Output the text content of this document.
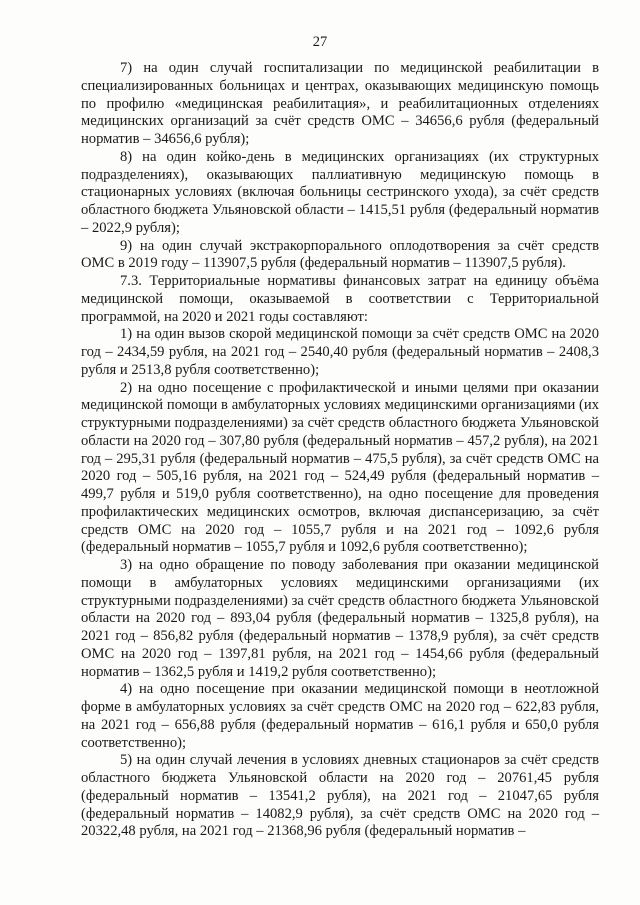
27

7) на один случай госпитализации по медицинской реабилитации в специализированных больницах и центрах, оказывающих медицинскую помощь по профилю «медицинская реабилитация», и реабилитационных отделениях медицинских организаций за счёт средств ОМС – 34656,6 рубля (федеральный норматив – 34656,6 рубля);

8) на один койко-день в медицинских организациях (их структурных подразделениях), оказывающих паллиативную медицинскую помощь в стационарных условиях (включая больницы сестринского ухода), за счёт средств областного бюджета Ульяновской области – 1415,51 рубля (федеральный норматив – 2022,9 рубля);

9) на один случай экстракорпорального оплодотворения за счёт средств ОМС в 2019 году – 113907,5 рубля (федеральный норматив – 113907,5 рубля).

7.3. Территориальные нормативы финансовых затрат на единицу объёма медицинской помощи, оказываемой в соответствии с Территориальной программой, на 2020 и 2021 годы составляют:

1) на один вызов скорой медицинской помощи за счёт средств ОМС на 2020 год – 2434,59 рубля, на 2021 год – 2540,40 рубля (федеральный норматив – 2408,3 рубля и 2513,8 рубля соответственно);

2) на одно посещение с профилактической и иными целями при оказании медицинской помощи в амбулаторных условиях медицинскими организациями (их структурными подразделениями) за счёт средств областного бюджета Ульяновской области на 2020 год – 307,80 рубля (федеральный норматив – 457,2 рубля), на 2021 год – 295,31 рубля (федеральный норматив – 475,5 рубля), за счёт средств ОМС на 2020 год – 505,16 рубля, на 2021 год – 524,49 рубля (федеральный норматив – 499,7 рубля и 519,0 рубля соответственно), на одно посещение для проведения профилактических медицинских осмотров, включая диспансеризацию, за счёт средств ОМС на 2020 год – 1055,7 рубля и на 2021 год – 1092,6 рубля (федеральный норматив – 1055,7 рубля и 1092,6 рубля соответственно);

3) на одно обращение по поводу заболевания при оказании медицинской помощи в амбулаторных условиях медицинскими организациями (их структурными подразделениями) за счёт средств областного бюджета Ульяновской области на 2020 год – 893,04 рубля (федеральный норматив – 1325,8 рубля), на 2021 год – 856,82 рубля (федеральный норматив – 1378,9 рубля), за счёт средств ОМС на 2020 год – 1397,81 рубля, на 2021 год – 1454,66 рубля (федеральный норматив – 1362,5 рубля и 1419,2 рубля соответственно);

4) на одно посещение при оказании медицинской помощи в неотложной форме в амбулаторных условиях за счёт средств ОМС на 2020 год – 622,83 рубля, на 2021 год – 656,88 рубля (федеральный норматив – 616,1 рубля и 650,0 рубля соответственно);

5) на один случай лечения в условиях дневных стационаров за счёт средств областного бюджета Ульяновской области на 2020 год – 20761,45 рубля (федеральный норматив – 13541,2 рубля), на 2021 год – 21047,65 рубля (федеральный норматив – 14082,9 рубля), за счёт средств ОМС на 2020 год – 20322,48 рубля, на 2021 год – 21368,96 рубля (федеральный норматив –
